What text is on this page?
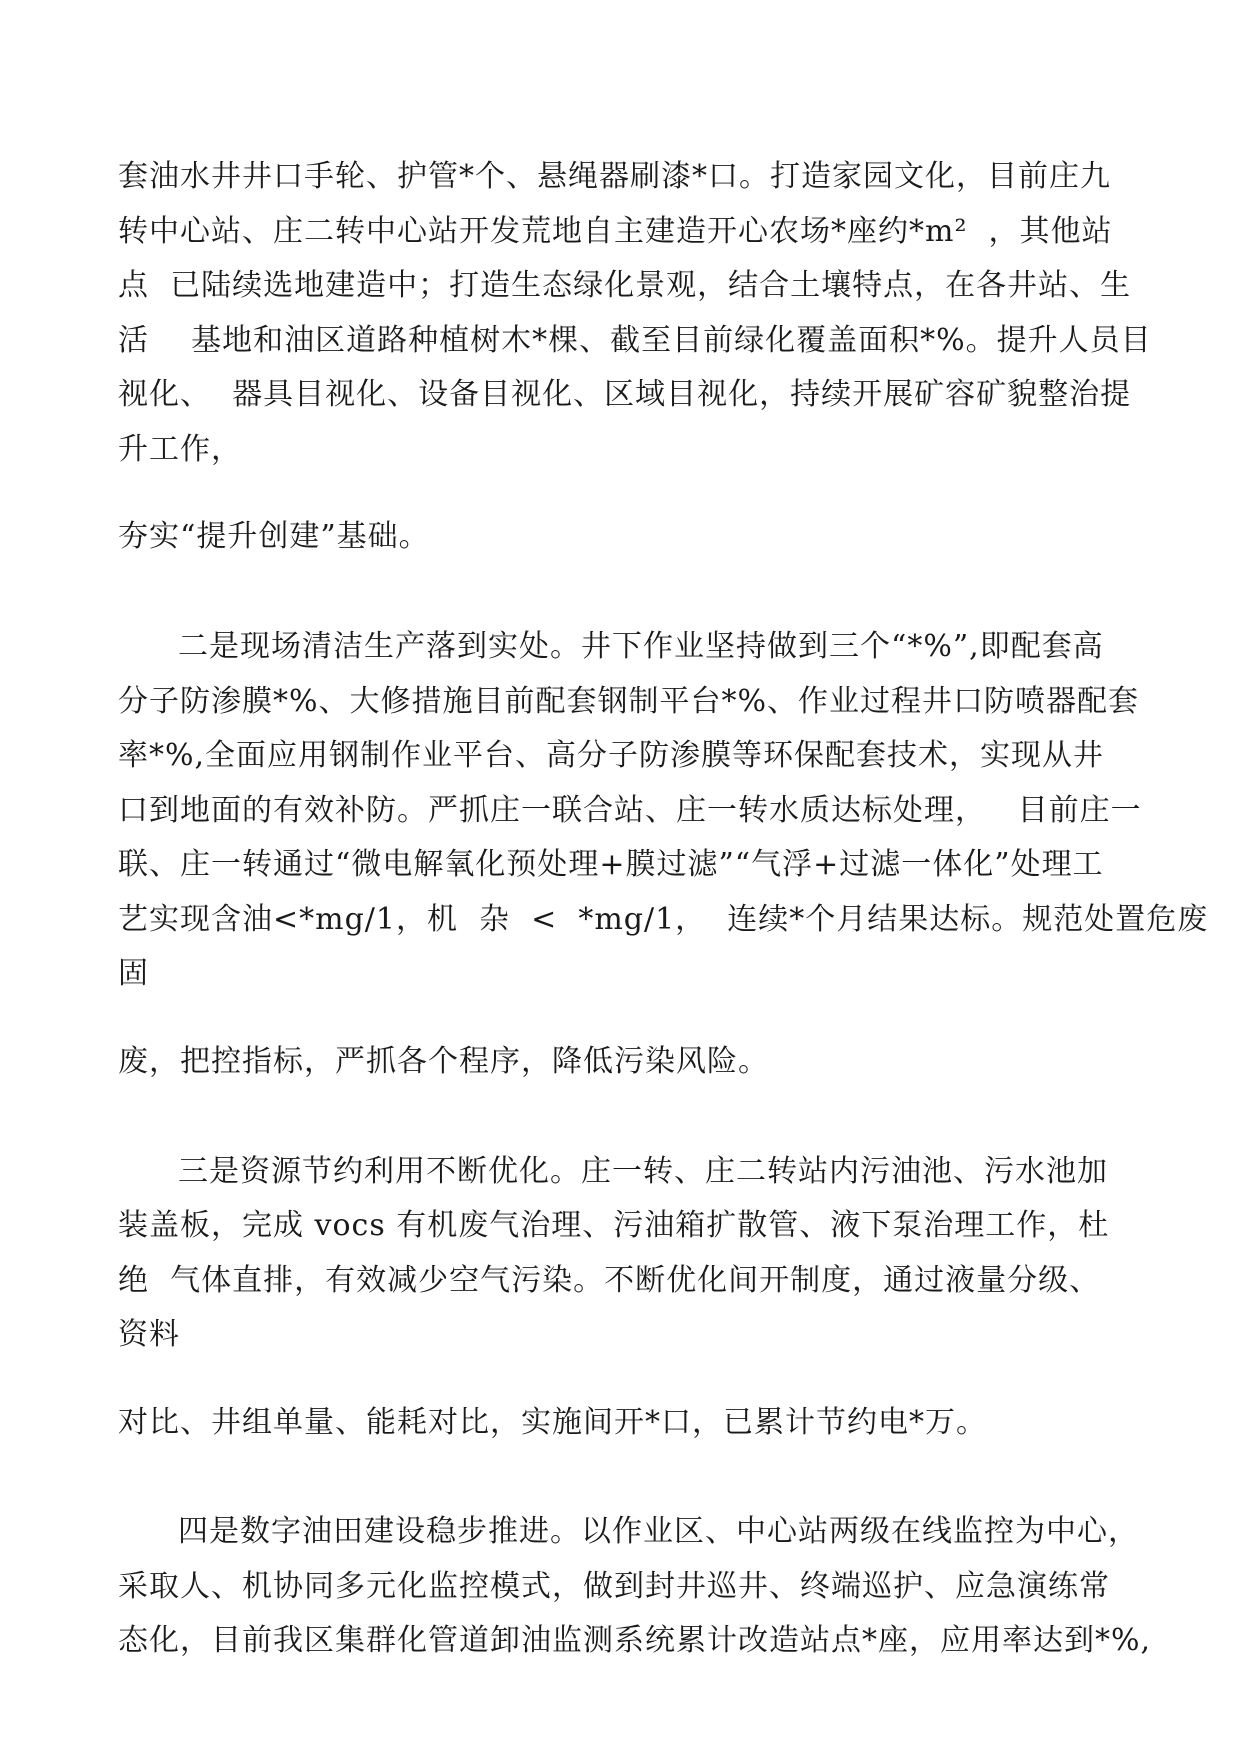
套油水井井口手轮、护管*个、悬绳器刷漆*口。打造家园文化，目前庄九
转中心站、庄二转中心站开发荒地自主建造开心农场*座约*m²  ，其他站
点  已陆续选地建造中；打造生态绿化景观，结合土壤特点，在各井站、生
活    基地和油区道路种植树木*棵、截至目前绿化覆盖面积*%。提升人员目
视化、  器具目视化、设备目视化、区域目视化，持续开展矿容矿貌整治提
升工作，
夯实“提升创建”基础。
二是现场清洁生产落到实处。井下作业坚持做到三个“*%”,即配套高
分子防渗膜*%、大修措施目前配套钢制平台*%、作业过程井口防喷器配套
率*%,全面应用钢制作业平台、高分子防渗膜等环保配套技术，实现从井
口到地面的有效补防。严抓庄一联合站、庄一转水质达标处理，   目前庄一
联、庄一转通过“微电解氧化预处理+膜过滤”“气浮+过滤一体化”处理工
艺实现含油<*mg/1，机  杂  <  *mg/1，  连续*个月结果达标。规范处置危废
固
废，把控指标，严抓各个程序，降低污染风险。
三是资源节约利用不断优化。庄一转、庄二转站内污油池、污水池加
装盖板，完成 vocs 有机废气治理、污油箱扩散管、液下泵治理工作，杜
绝  气体直排，有效减少空气污染。不断优化间开制度，通过液量分级、
资料
对比、井组单量、能耗对比，实施间开*口，已累计节约电*万。
四是数字油田建设稳步推进。以作业区、中心站两级在线监控为中心，
采取人、机协同多元化监控模式，做到封井巡井、终端巡护、应急演练常
态化，目前我区集群化管道卸油监测系统累计改造站点*座，应用率达到*%,
